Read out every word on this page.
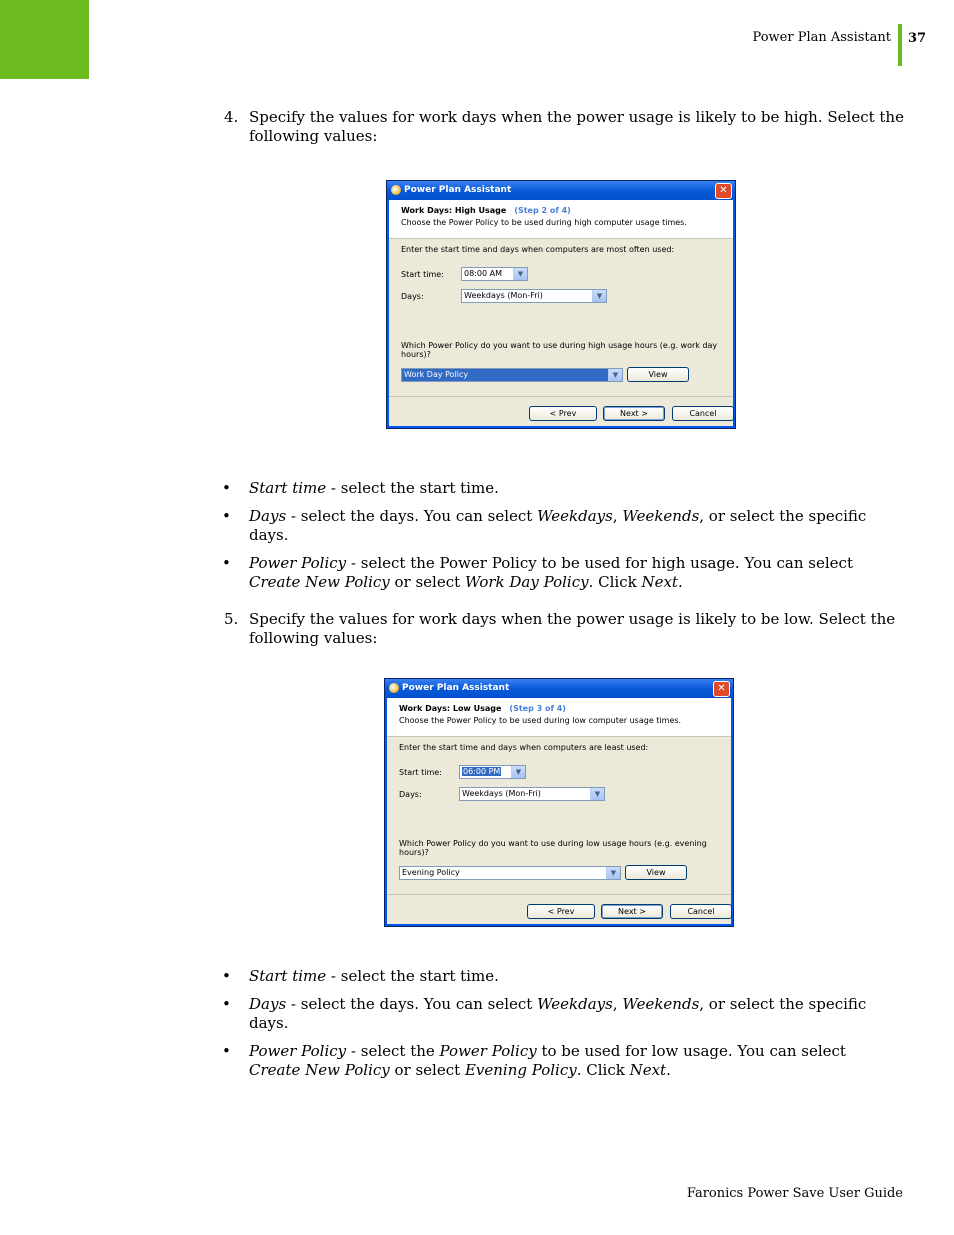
Power Plan Assistant 37
4. Specify the values for work days when the power usage is likely to be high. Select the following values:
Power Plan Assistant	✕
Work Days: High Usage (Step 2 of 4)
Choose the Power Policy to be used during high computer usage times.
Enter the start time and days when computers are most often used:
Start time:	08:00 AM	▼
Days:	Weekdays (Mon-Fri)	▼
Which Power Policy do you want to use during high usage hours (e.g. work day hours)?
Work Day Policy	▼	View
< Prev	Next >	Cancel
• Start time - select the start time.
• Days - select the days. You can select Weekdays, Weekends, or select the specific days.
• Power Policy - select the Power Policy to be used for high usage. You can select Create New Policy or select Work Day Policy. Click Next.
5. Specify the values for work days when the power usage is likely to be low. Select the following values:
Power Plan Assistant	✕
Work Days: Low Usage (Step 3 of 4)
Choose the Power Policy to be used during low computer usage times.
Enter the start time and days when computers are least used:
Start time:	06:00 PM	▼
Days:	Weekdays (Mon-Fri)	▼
Which Power Policy do you want to use during low usage hours (e.g. evening hours)?
Evening Policy	▼	View
< Prev	Next >	Cancel
• Start time - select the start time.
• Days - select the days. You can select Weekdays, Weekends, or select the specific days.
• Power Policy - select the Power Policy to be used for low usage. You can select Create New Policy or select Evening Policy. Click Next.
Faronics Power Save User Guide
